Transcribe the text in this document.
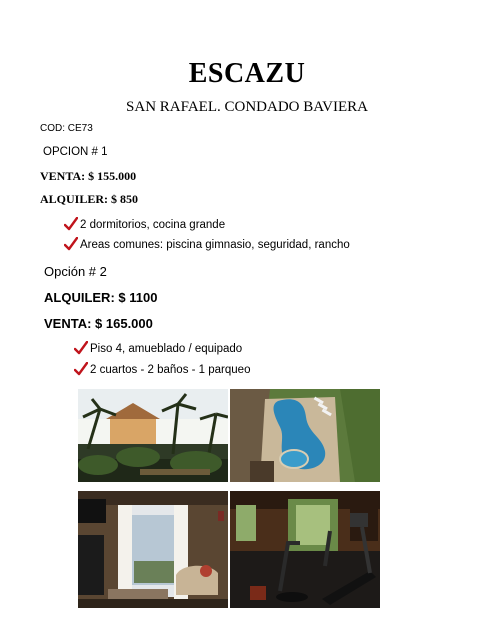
ESCAZU
SAN RAFAEL. CONDADO BAVIERA
COD: CE73
OPCION # 1
VENTA: $ 155.000
ALQUILER: $ 850
2 dormitorios, cocina grande
Areas comunes: piscina gimnasio, seguridad, rancho
Opción # 2
ALQUILER: $ 1100
VENTA: $ 165.000
Piso 4, amueblado / equipado
2 cuartos - 2 baños - 1 parqueo
